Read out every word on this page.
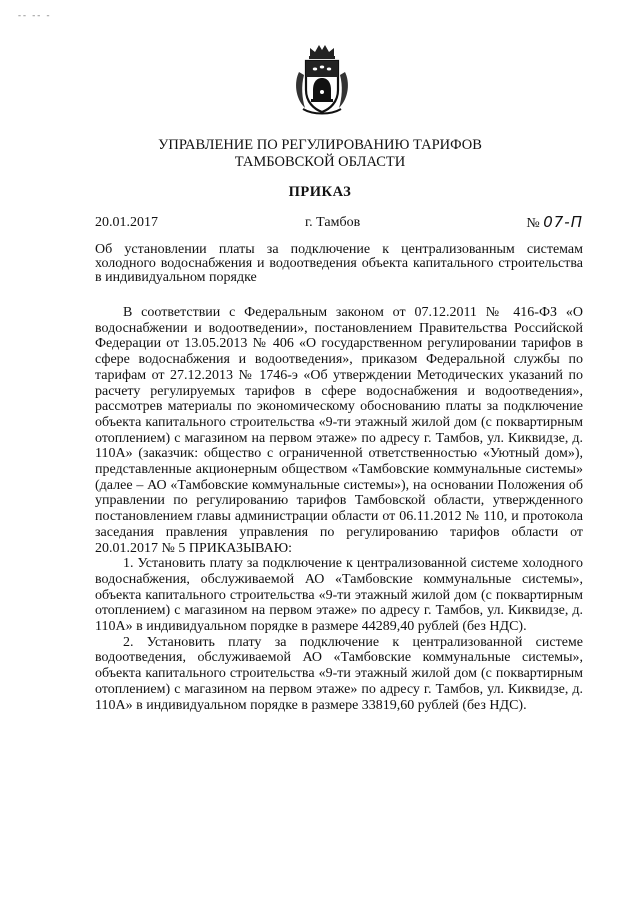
-- -- -
УПРАВЛЕНИЕ ПО РЕГУЛИРОВАНИЮ ТАРИФОВ
ТАМБОВСКОЙ ОБЛАСТИ
ПРИКАЗ
20.01.2017	г. Тамбов	№ 07-П
Об установлении платы за подключение к централизованным системам холодного водоснабжения и водоотведения объекта капитального строительства в индивидуальном порядке

В соответствии с Федеральным законом от 07.12.2011 № 416-ФЗ «О водоснабжении и водоотведении», постановлением Правительства Российской Федерации от 13.05.2013 № 406 «О государственном регулировании тарифов в сфере водоснабжения и водоотведения», приказом Федеральной службы по тарифам от 27.12.2013 № 1746-э «Об утверждении Методических указаний по расчету регулируемых тарифов в сфере водоснабжения и водоотведения», рассмотрев материалы по экономическому обоснованию платы за подключение объекта капитального строительства «9-ти этажный жилой дом (с поквартирным отоплением) с магазином на первом этаже» по адресу г. Тамбов, ул. Киквидзе, д. 110А» (заказчик: общество с ограниченной ответственностью «Уютный дом»), представленные акционерным обществом «Тамбовские коммунальные системы» (далее – АО «Тамбовские коммунальные системы»), на основании Положения об управлении по регулированию тарифов Тамбовской области, утвержденного постановлением главы администрации области от 06.11.2012 № 110, и протокола заседания правления управления по регулированию тарифов области от 20.01.2017 № 5 ПРИКАЗЫВАЮ:

1. Установить плату за подключение к централизованной системе холодного водоснабжения, обслуживаемой АО «Тамбовские коммунальные системы», объекта капитального строительства «9-ти этажный жилой дом (с поквартирным отоплением) с магазином на первом этаже» по адресу г. Тамбов, ул. Киквидзе, д. 110А» в индивидуальном порядке в размере 44289,40 рублей (без НДС).

2. Установить плату за подключение к централизованной системе водоотведения, обслуживаемой АО «Тамбовские коммунальные системы», объекта капитального строительства «9-ти этажный жилой дом (с поквартирным отоплением) с магазином на первом этаже» по адресу г. Тамбов, ул. Киквидзе, д. 110А» в индивидуальном порядке в размере 33819,60 рублей (без НДС).
